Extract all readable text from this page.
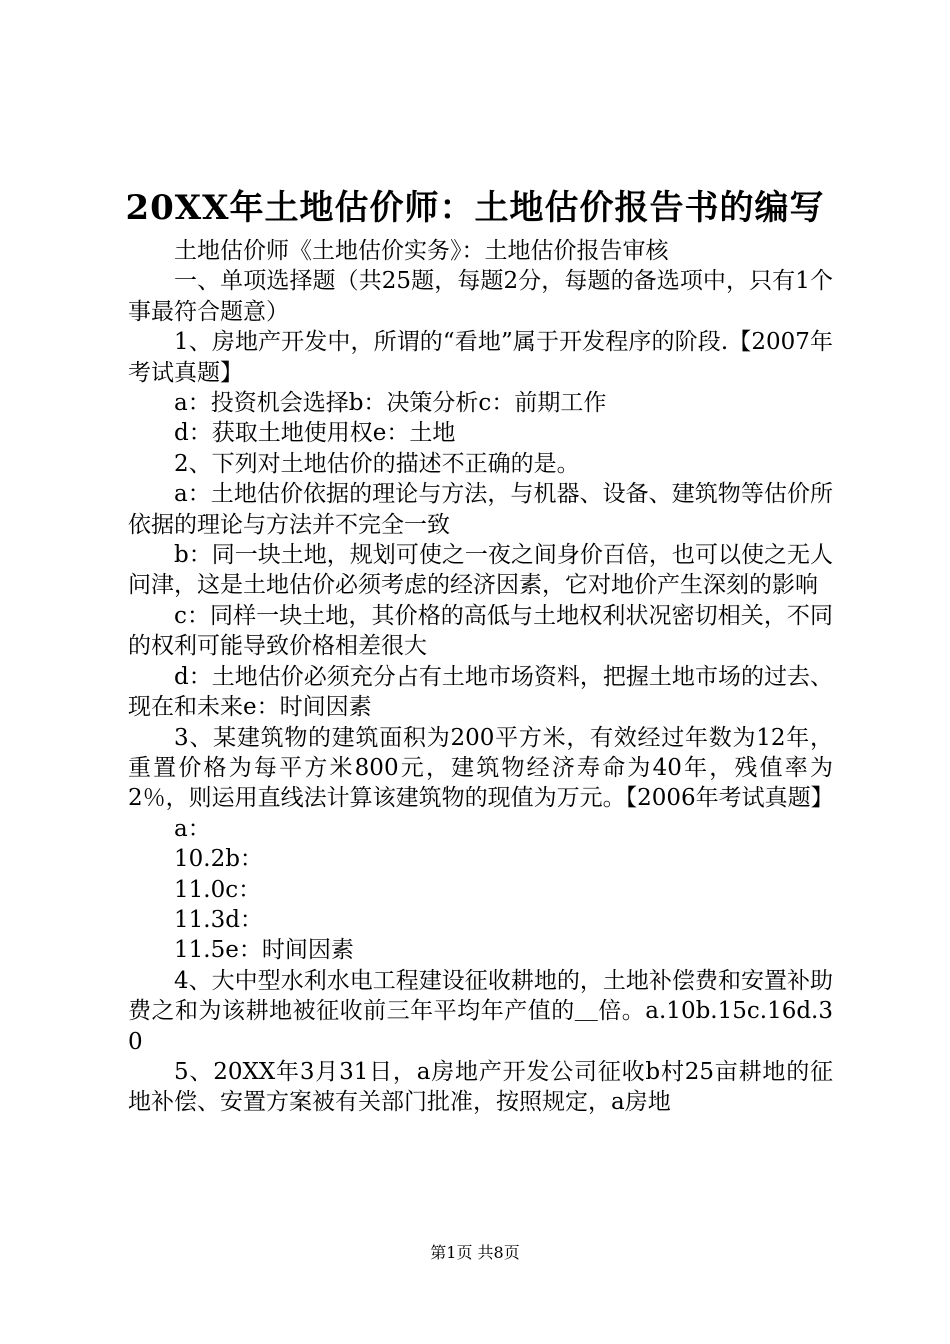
20XX年土地估价师：土地估价报告书的编写

土地估价师《土地估价实务》：土地估价报告审核

一、单项选择题（共25题，每题2分，每题的备选项中，只有1个事最符合题意）

1、房地产开发中，所谓的“看地”属于开发程序的阶段.【2007年考试真题】

a：投资机会选择b：决策分析c：前期工作

d：获取土地使用权e：土地

2、下列对土地估价的描述不正确的是。

a：土地估价依据的理论与方法，与机器、设备、建筑物等估价所依据的理论与方法并不完全一致

b：同一块土地，规划可使之一夜之间身价百倍，也可以使之无人问津，这是土地估价必须考虑的经济因素，它对地价产生深刻的影响

c：同样一块土地，其价格的高低与土地权利状况密切相关，不同的权利可能导致价格相差很大

d：土地估价必须充分占有土地市场资料，把握土地市场的过去、现在和未来e：时间因素

3、某建筑物的建筑面积为200平方米，有效经过年数为12年，重置价格为每平方米800元，建筑物经济寿命为40年，残值率为2％，则运用直线法计算该建筑物的现值为万元。【2006年考试真题】

a：

10.2b：

11.0c：

11.3d：

11.5e：时间因素

4、大中型水利水电工程建设征收耕地的，土地补偿费和安置补助费之和为该耕地被征收前三年平均年产值的＿倍。a.10b.15c.16d.30

5、20XX年3月31日，a房地产开发公司征收b村25亩耕地的征地补偿、安置方案被有关部门批准，按照规定，a房地

第1页 共8页
